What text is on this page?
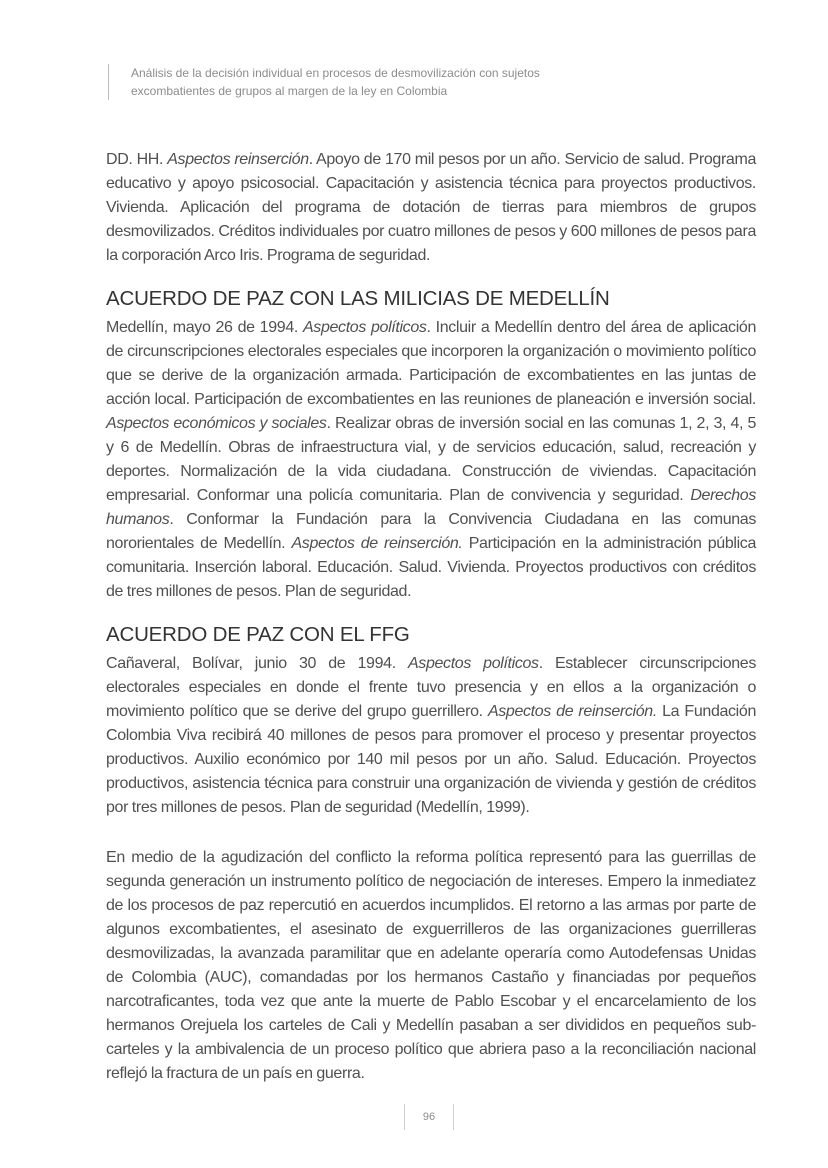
Análisis de la decisión individual en procesos de desmovilización con sujetos
excombatientes de grupos al margen de la ley en Colombia

DD. HH. Aspectos reinserción. Apoyo de 170 mil pesos por un año. Servicio de salud. Programa educativo y apoyo psicosocial. Capacitación y asistencia técnica para proyectos productivos. Vivienda. Aplicación del programa de dotación de tierras para miembros de grupos desmovilizados. Créditos individuales por cuatro millones de pesos y 600 millones de pesos para la corporación Arco Iris. Programa de seguridad.

ACUERDO DE PAZ CON LAS MILICIAS DE MEDELLÍN

Medellín, mayo 26 de 1994. Aspectos políticos. Incluir a Medellín dentro del área de aplicación de circunscripciones electorales especiales que incorporen la organización o movimiento político que se derive de la organización armada. Participación de excombatientes en las juntas de acción local. Participación de excombatientes en las reuniones de planeación e inversión social. Aspectos económicos y sociales. Realizar obras de inversión social en las comunas 1, 2, 3, 4, 5 y 6 de Medellín. Obras de infraestructura vial, y de servicios educación, salud, recreación y deportes. Normalización de la vida ciudadana. Construcción de viviendas. Capacitación empresarial. Conformar una policía comunitaria. Plan de convivencia y seguridad. Derechos humanos. Conformar la Fundación para la Convivencia Ciudadana en las comunas nororientales de Medellín. Aspectos de reinserción. Participación en la administración pública comunitaria. Inserción laboral. Educación. Salud. Vivienda. Proyectos productivos con créditos de tres millones de pesos. Plan de seguridad.

ACUERDO DE PAZ CON EL FFG

Cañaveral, Bolívar, junio 30 de 1994. Aspectos políticos. Establecer circunscripciones electorales especiales en donde el frente tuvo presencia y en ellos a la organización o movimiento político que se derive del grupo guerrillero. Aspectos de reinserción. La Fundación Colombia Viva recibirá 40 millones de pesos para promover el proceso y presentar proyectos productivos. Auxilio económico por 140 mil pesos por un año. Salud. Educación. Proyectos productivos, asistencia técnica para construir una organización de vivienda y gestión de créditos por tres millones de pesos. Plan de seguridad (Medellín, 1999).

En medio de la agudización del conflicto la reforma política representó para las guerrillas de segunda generación un instrumento político de negociación de intereses. Empero la inmediatez de los procesos de paz repercutió en acuerdos incumplidos. El retorno a las armas por parte de algunos excombatientes, el asesinato de exguerrilleros de las organizaciones guerrilleras desmovilizadas, la avanzada paramilitar que en adelante operaría como Autodefensas Unidas de Colombia (AUC), comandadas por los hermanos Castaño y financiadas por pequeños narcotraficantes, toda vez que ante la muerte de Pablo Escobar y el encarcelamiento de los hermanos Orejuela los carteles de Cali y Medellín pasaban a ser divididos en pequeños sub-carteles y la ambivalencia de un proceso político que abriera paso a la reconciliación nacional reflejó la fractura de un país en guerra.

96
